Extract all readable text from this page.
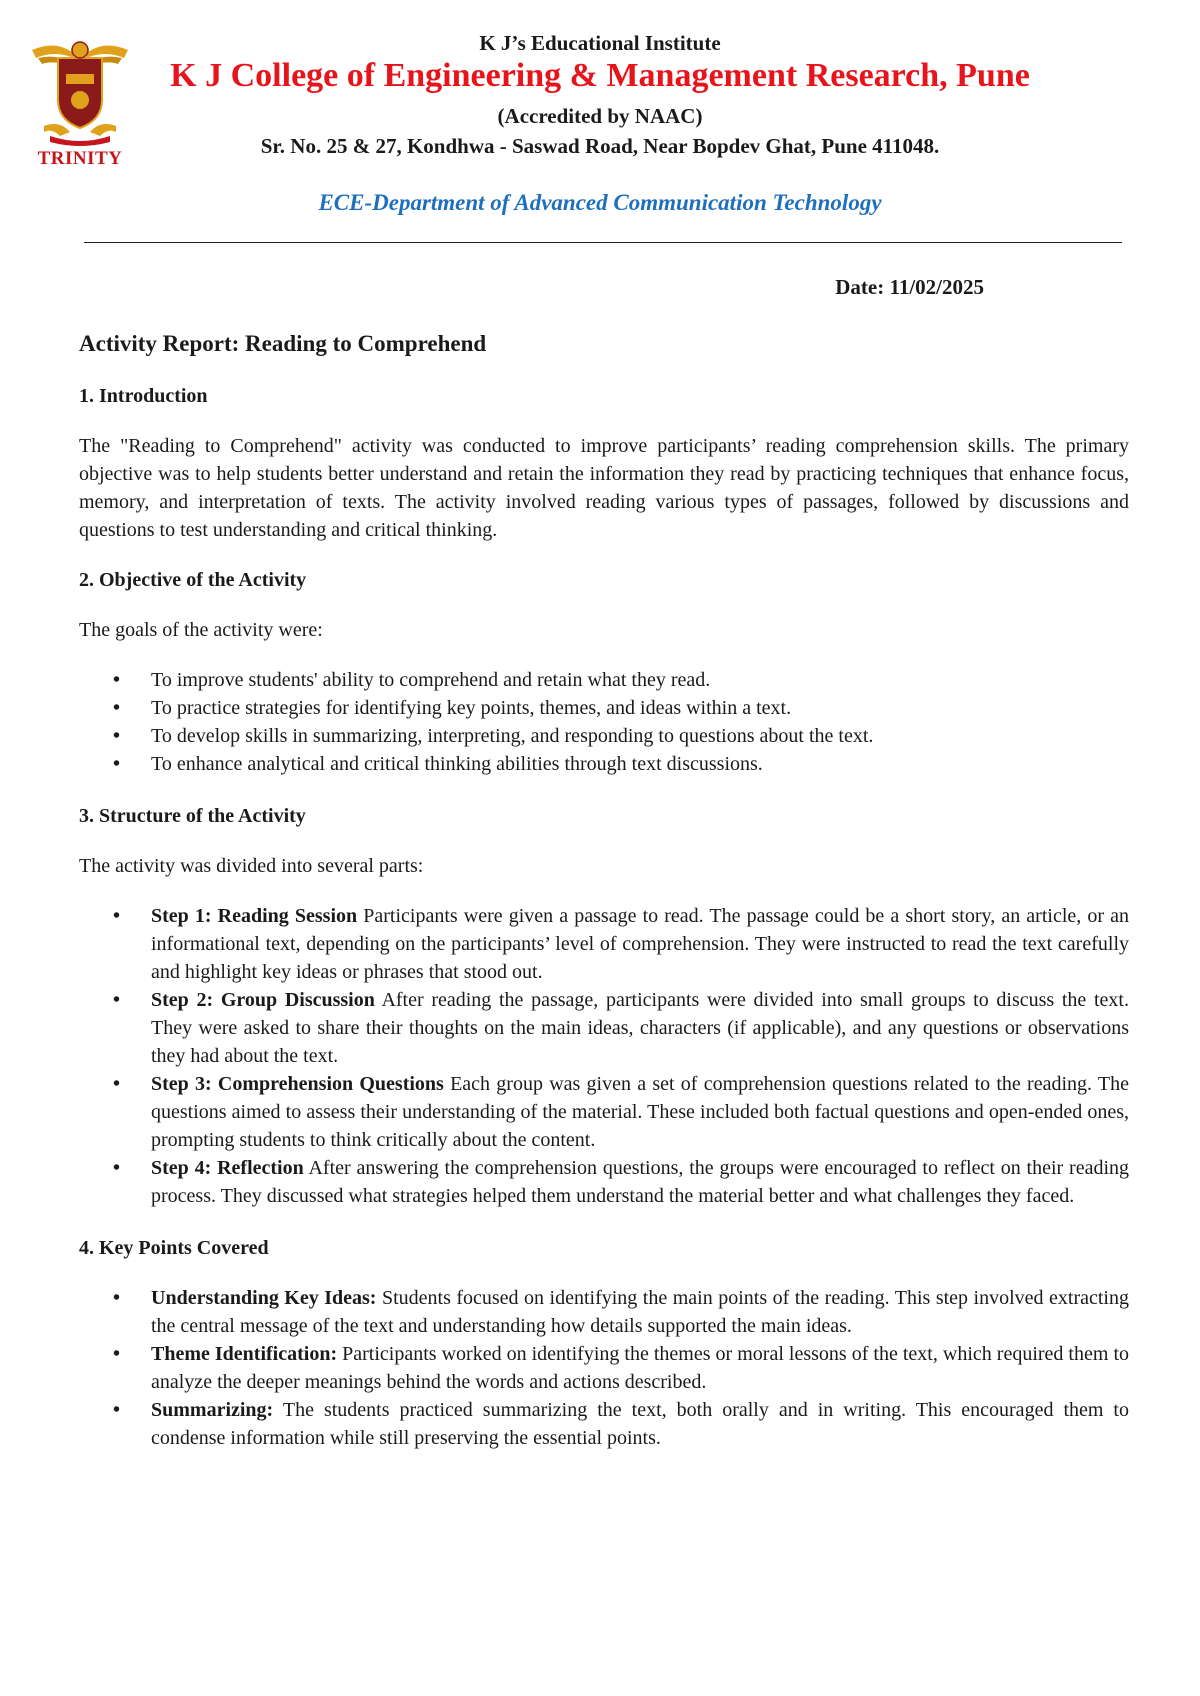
TRINITY
K J’s Educational Institute
K J College of Engineering & Management Research, Pune
(Accredited by NAAC)
Sr. No. 25 & 27, Kondhwa - Saswad Road, Near Bopdev Ghat, Pune 411048.
ECE-Department of Advanced Communication Technology
Date: 11/02/2025
Activity Report: Reading to Comprehend
1. Introduction

The "Reading to Comprehend" activity was conducted to improve participants’ reading comprehension skills. The primary objective was to help students better understand and retain the information they read by practicing techniques that enhance focus, memory, and interpretation of texts. The activity involved reading various types of passages, followed by discussions and questions to test understanding and critical thinking.

2. Objective of the Activity

The goals of the activity were:

• To improve students' ability to comprehend and retain what they read.
• To practice strategies for identifying key points, themes, and ideas within a text.
• To develop skills in summarizing, interpreting, and responding to questions about the text.
• To enhance analytical and critical thinking abilities through text discussions.
3. Structure of the Activity

The activity was divided into several parts:

• Step 1: Reading Session Participants were given a passage to read. The passage could be a short story, an article, or an informational text, depending on the participants’ level of comprehension. They were instructed to read the text carefully and highlight key ideas or phrases that stood out.
• Step 2: Group Discussion After reading the passage, participants were divided into small groups to discuss the text. They were asked to share their thoughts on the main ideas, characters (if applicable), and any questions or observations they had about the text.
• Step 3: Comprehension Questions Each group was given a set of comprehension questions related to the reading. The questions aimed to assess their understanding of the material. These included both factual questions and open-ended ones, prompting students to think critically about the content.
• Step 4: Reflection After answering the comprehension questions, the groups were encouraged to reflect on their reading process. They discussed what strategies helped them understand the material better and what challenges they faced.
4. Key Points Covered
• Understanding Key Ideas: Students focused on identifying the main points of the reading. This step involved extracting the central message of the text and understanding how details supported the main ideas.
• Theme Identification: Participants worked on identifying the themes or moral lessons of the text, which required them to analyze the deeper meanings behind the words and actions described.
• Summarizing: The students practiced summarizing the text, both orally and in writing. This encouraged them to condense information while still preserving the essential points.
